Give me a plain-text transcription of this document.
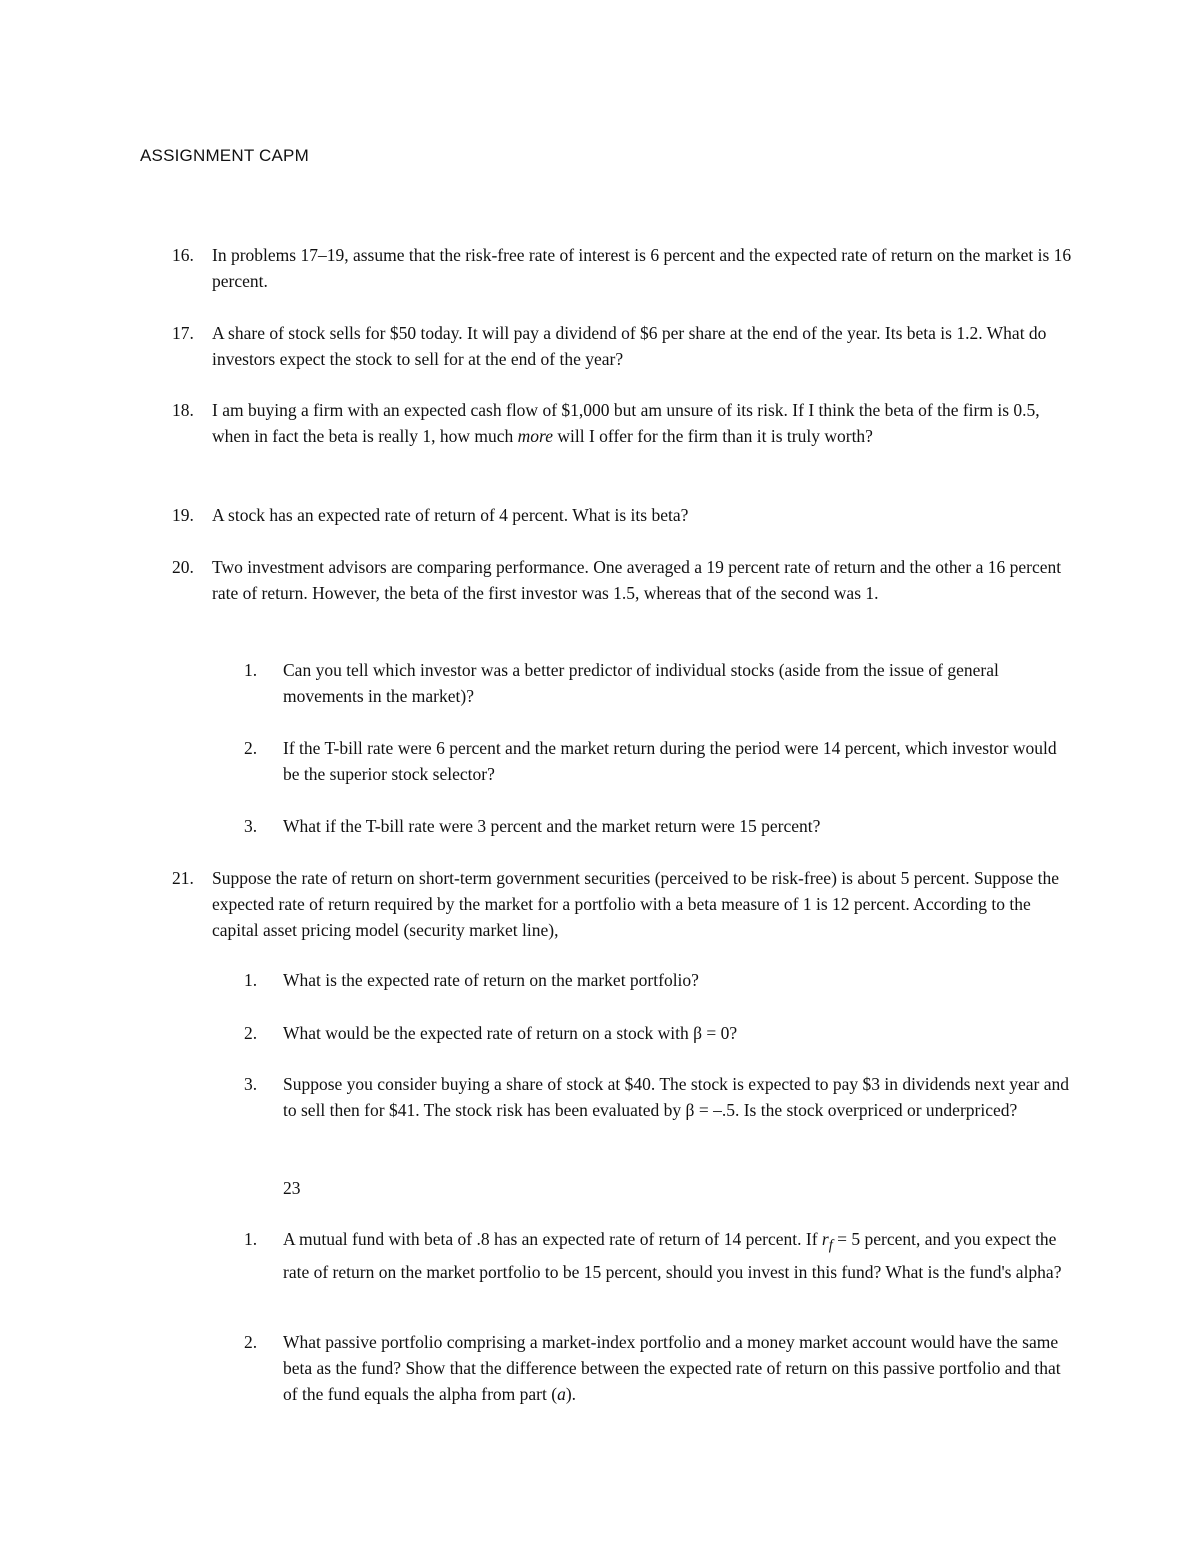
ASSIGNMENT CAPM
16.	In problems 17–19, assume that the risk-free rate of interest is 6 percent and the expected rate of return on the market is 16 percent.
17.	A share of stock sells for $50 today. It will pay a dividend of $6 per share at the end of the year. Its beta is 1.2. What do investors expect the stock to sell for at the end of the year?
18.	I am buying a firm with an expected cash flow of $1,000 but am unsure of its risk. If I think the beta of the firm is 0.5, when in fact the beta is really 1, how much more will I offer for the firm than it is truly worth?
19.	A stock has an expected rate of return of 4 percent. What is its beta?
20.	Two investment advisors are comparing performance. One averaged a 19 percent rate of return and the other a 16 percent rate of return. However, the beta of the first investor was 1.5, whereas that of the second was 1.
1.	Can you tell which investor was a better predictor of individual stocks (aside from the issue of general movements in the market)?
2.	If the T-bill rate were 6 percent and the market return during the period were 14 percent, which investor would be the superior stock selector?
3.	What if the T-bill rate were 3 percent and the market return were 15 percent?
21.	Suppose the rate of return on short-term government securities (perceived to be risk-free) is about 5 percent. Suppose the expected rate of return required by the market for a portfolio with a beta measure of 1 is 12 percent. According to the capital asset pricing model (security market line),
1.	What is the expected rate of return on the market portfolio?
2.	What would be the expected rate of return on a stock with β = 0?
3.	Suppose you consider buying a share of stock at $40. The stock is expected to pay $3 in dividends next year and to sell then for $41. The stock risk has been evaluated by β = –.5. Is the stock overpriced or underpriced?
23
1.	A mutual fund with beta of .8 has an expected rate of return of 14 percent. If $r_f = 5$ percent, and you expect the rate of return on the market portfolio to be 15 percent, should you invest in this fund? What is the fund's alpha?
2.	What passive portfolio comprising a market-index portfolio and a money market account would have the same beta as the fund? Show that the difference between the expected rate of return on this passive portfolio and that of the fund equals the alpha from part (a).
